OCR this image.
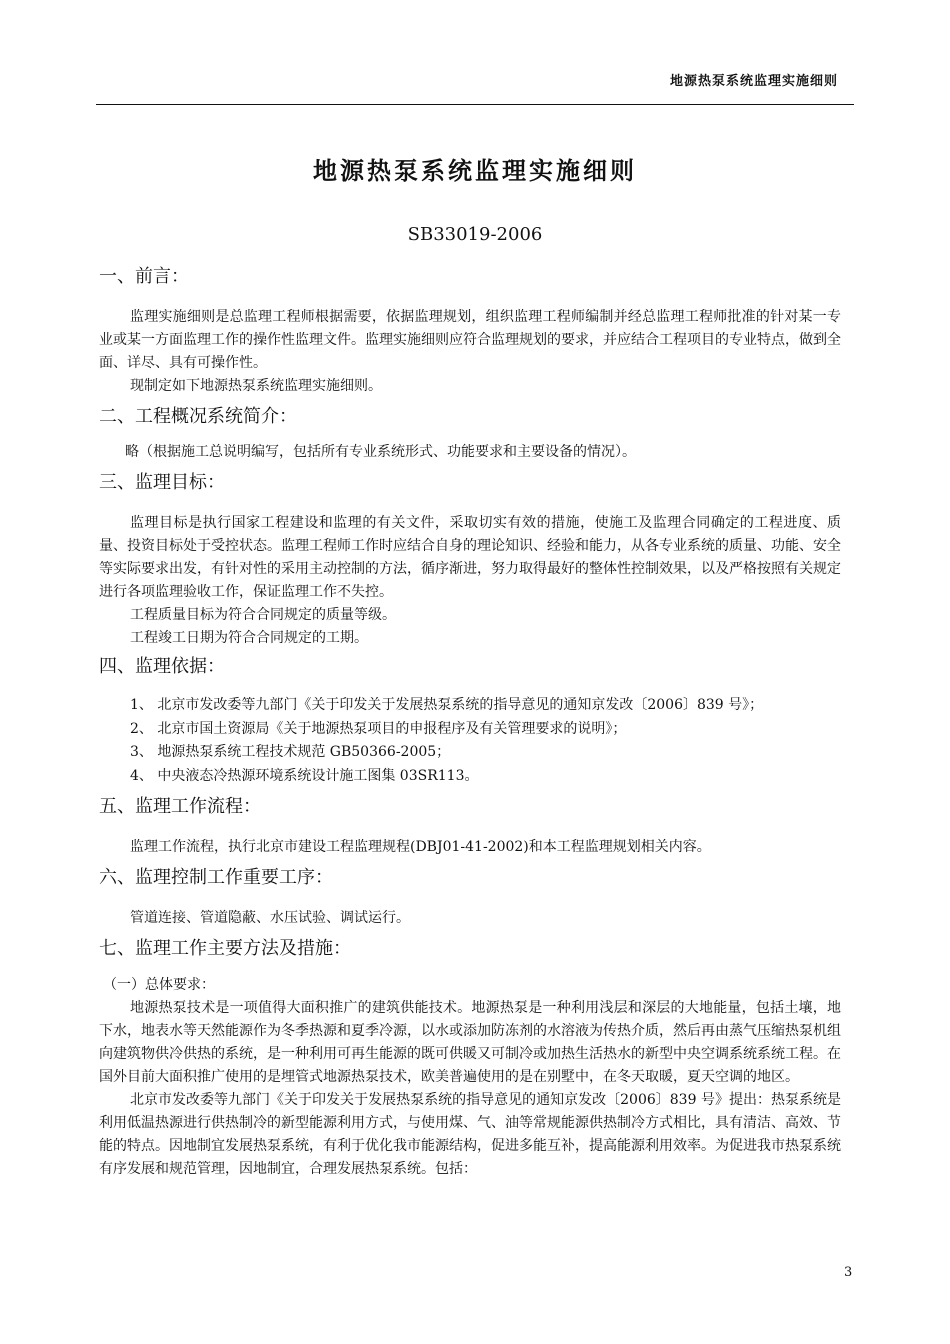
地源热泵系统监理实施细则
地源热泵系统监理实施细则
SB33019-2006

一、前言：

监理实施细则是总监理工程师根据需要，依据监理规划，组织监理工程师编制并经总监理工程师批准的针对某一专业或某一方面监理工作的操作性监理文件。监理实施细则应符合监理规划的要求，并应结合工程项目的专业特点，做到全面、详尽、具有可操作性。

现制定如下地源热泵系统监理实施细则。

二、工程概况系统简介：

略（根据施工总说明编写，包括所有专业系统形式、功能要求和主要设备的情况）。

三、监理目标：

监理目标是执行国家工程建设和监理的有关文件，采取切实有效的措施，使施工及监理合同确定的工程进度、质量、投资目标处于受控状态。监理工程师工作时应结合自身的理论知识、经验和能力，从各专业系统的质量、功能、安全等实际要求出发，有针对性的采用主动控制的方法，循序渐进，努力取得最好的整体性控制效果，以及严格按照有关规定进行各项监理验收工作，保证监理工作不失控。

工程质量目标为符合合同规定的质量等级。

工程竣工日期为符合合同规定的工期。

四、监理依据：

1、 北京市发改委等九部门《关于印发关于发展热泵系统的指导意见的通知京发改〔2006〕839 号》；

2、 北京市国土资源局《关于地源热泵项目的申报程序及有关管理要求的说明》；

3、 地源热泵系统工程技术规范 GB50366-2005；

4、 中央液态冷热源环境系统设计施工图集 03SR113。

五、监理工作流程：

监理工作流程，执行北京市建设工程监理规程(DBJ01-41-2002)和本工程监理规划相关内容。

六、监理控制工作重要工序：

管道连接、管道隐蔽、水压试验、调试运行。

七、监理工作主要方法及措施：

（一）总体要求：

地源热泵技术是一项值得大面积推广的建筑供能技术。地源热泵是一种利用浅层和深层的大地能量，包括土壤，地下水，地表水等天然能源作为冬季热源和夏季冷源，以水或添加防冻剂的水溶液为传热介质，然后再由蒸气压缩热泵机组向建筑物供冷供热的系统，是一种利用可再生能源的既可供暖又可制冷或加热生活热水的新型中央空调系统系统工程。在国外目前大面积推广使用的是埋管式地源热泵技术，欧美普遍使用的是在别墅中，在冬天取暖，夏天空调的地区。

北京市发改委等九部门《关于印发关于发展热泵系统的指导意见的通知京发改〔2006〕839 号》提出：热泵系统是利用低温热源进行供热制冷的新型能源利用方式，与使用煤、气、油等常规能源供热制冷方式相比，具有清洁、高效、节能的特点。因地制宜发展热泵系统，有利于优化我市能源结构，促进多能互补，提高能源利用效率。为促进我市热泵系统有序发展和规范管理，因地制宜，合理发展热泵系统。包括：

3
